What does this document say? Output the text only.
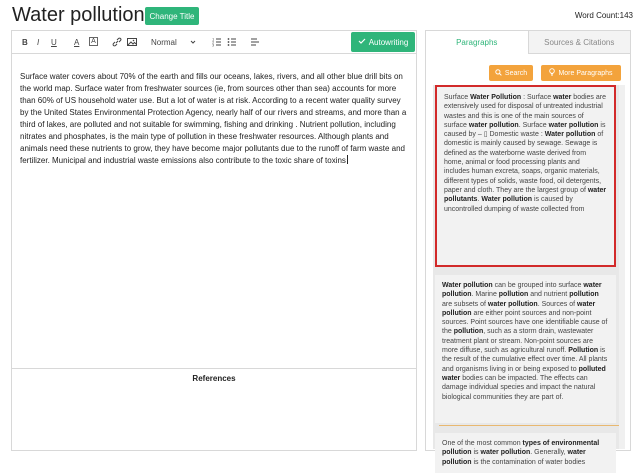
Water pollution Change Title	Word Count:143
B I U A	A	Normal	1
2
3	Autowriting
Surface water covers about 70% of the earth and fills our oceans, lakes, rivers, and all other blue drill bits on the world map. Surface water from freshwater sources (ie, from sources other than sea) accounts for more than 60% of US household water use. But a lot of water is at risk. According to a recent water quality survey by the United States Environmental Protection Agency, nearly half of our rivers and streams, and more than a third of lakes, are polluted and not suitable for swimming, fishing and drinking . Nutrient pollution, including nitrates and phosphates, is the main type of pollution in these freshwater resources. Although plants and animals need these nutrients to grow, they have become major pollutants due to the runoff of farm waste and fertilizer. Municipal and industrial waste emissions also contribute to the toxic share of toxins
References
Paragraphs	Sources & Citations
Search	More Paragraphs
Surface Water Pollution : Surface water bodies are extensively used for disposal of untreated industrial wastes and this is one of the main sources of surface water pollution. Surface water pollution is caused by – ▯ Domestic waste : Water pollution of domestic is mainly caused by sewage. Sewage is defined as the waterborne waste derived from home, animal or food processing plants and includes human excreta, soaps, organic materials, different types of solids, waste food, oil detergents, paper and cloth. They are the largest group of water pollutants. Water pollution is caused by uncontrolled dumping of waste collected from
Water pollution can be grouped into surface water pollution. Marine pollution and nutrient pollution are subsets of water pollution. Sources of water pollution are either point sources and non-point sources. Point sources have one identifiable cause of the pollution, such as a storm drain, wastewater treatment plant or stream. Non-point sources are more diffuse, such as agricultural runoff. Pollution is the result of the cumulative effect over time. All plants and organisms living in or being exposed to polluted water bodies can be impacted. The effects can damage individual species and impact the natural biological communities they are part of.
One of the most common types of environmental pollution is water pollution. Generally, water pollution is the contamination of water bodies
